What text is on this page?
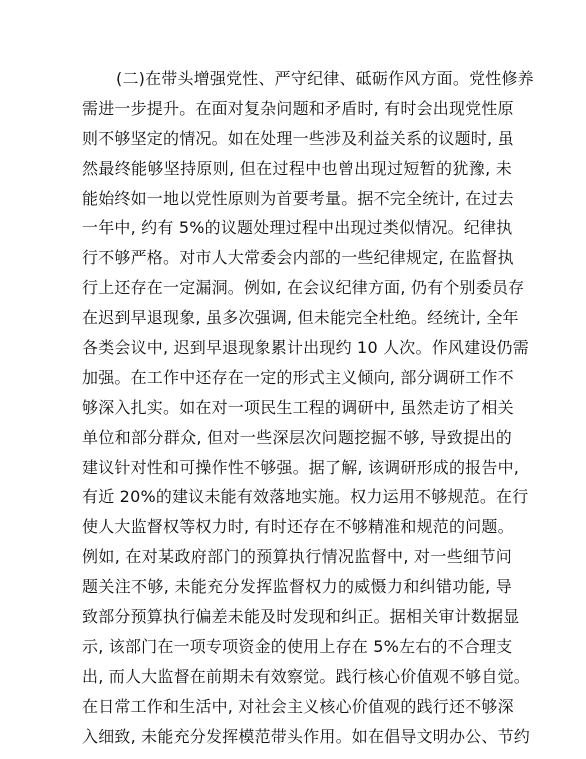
(二)在带头增强党性、严守纪律、砥砺作风方面。党性修养
需进一步提升。在面对复杂问题和矛盾时, 有时会出现党性原
则不够坚定的情况。如在处理一些涉及利益关系的议题时, 虽
然最终能够坚持原则, 但在过程中也曾出现过短暂的犹豫, 未
能始终如一地以党性原则为首要考量。据不完全统计, 在过去
一年中, 约有 5%的议题处理过程中出现过类似情况。纪律执
行不够严格。对市人大常委会内部的一些纪律规定, 在监督执
行上还存在一定漏洞。例如, 在会议纪律方面, 仍有个别委员存
在迟到早退现象, 虽多次强调, 但未能完全杜绝。经统计, 全年
各类会议中, 迟到早退现象累计出现约 10 人次。作风建设仍需
加强。在工作中还存在一定的形式主义倾向, 部分调研工作不
够深入扎实。如在对一项民生工程的调研中, 虽然走访了相关
单位和部分群众, 但对一些深层次问题挖掘不够, 导致提出的
建议针对性和可操作性不够强。据了解, 该调研形成的报告中,
有近 20%的建议未能有效落地实施。权力运用不够规范。在行
使人大监督权等权力时, 有时还存在不够精准和规范的问题。
例如, 在对某政府部门的预算执行情况监督中, 对一些细节问
题关注不够, 未能充分发挥监督权力的威慑力和纠错功能, 导
致部分预算执行偏差未能及时发现和纠正。据相关审计数据显
示, 该部门在一项专项资金的使用上存在 5%左右的不合理支
出, 而人大监督在前期未有效察觉。践行核心价值观不够自觉。
在日常工作和生活中, 对社会主义核心价值观的践行还不够深
入细致, 未能充分发挥模范带头作用。如在倡导文明办公、节约
